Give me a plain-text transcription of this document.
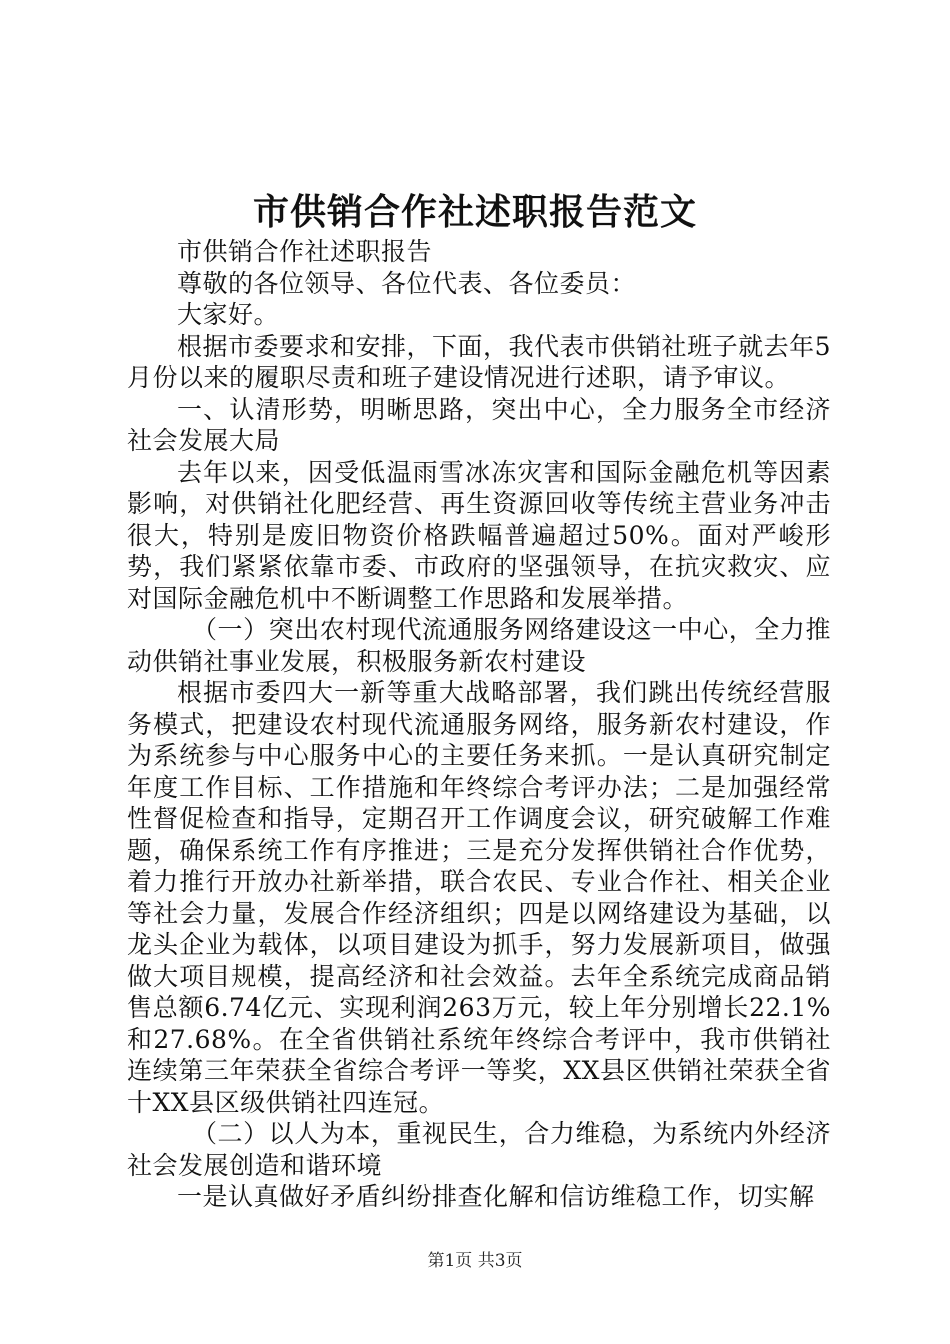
市供销合作社述职报告范文

市供销合作社述职报告

尊敬的各位领导、各位代表、各位委员：

大家好。

根据市委要求和安排，下面，我代表市供销社班子就去年5月份以来的履职尽责和班子建设情况进行述职，请予审议。

一、认清形势，明晰思路，突出中心，全力服务全市经济社会发展大局

去年以来，因受低温雨雪冰冻灾害和国际金融危机等因素影响，对供销社化肥经营、再生资源回收等传统主营业务冲击很大，特别是废旧物资价格跌幅普遍超过50%。面对严峻形势，我们紧紧依靠市委、市政府的坚强领导，在抗灾救灾、应对国际金融危机中不断调整工作思路和发展举措。

（一）突出农村现代流通服务网络建设这一中心，全力推动供销社事业发展，积极服务新农村建设

根据市委四大一新等重大战略部署，我们跳出传统经营服务模式，把建设农村现代流通服务网络，服务新农村建设，作为系统参与中心服务中心的主要任务来抓。一是认真研究制定年度工作目标、工作措施和年终综合考评办法；二是加强经常性督促检查和指导，定期召开工作调度会议，研究破解工作难题，确保系统工作有序推进；三是充分发挥供销社合作优势，着力推行开放办社新举措，联合农民、专业合作社、相关企业等社会力量，发展合作经济组织；四是以网络建设为基础，以龙头企业为载体，以项目建设为抓手，努力发展新项目，做强做大项目规模，提高经济和社会效益。去年全系统完成商品销售总额6.74亿元、实现利润263万元，较上年分别增长22.1%和27.68%。在全省供销社系统年终综合考评中，我市供销社连续第三年荣获全省综合考评一等奖，XX县区供销社荣获全省十XX县区级供销社四连冠。

（二）以人为本，重视民生，合力维稳，为系统内外经济社会发展创造和谐环境

一是认真做好矛盾纠纷排查化解和信访维稳工作，切实解

第1页 共3页
